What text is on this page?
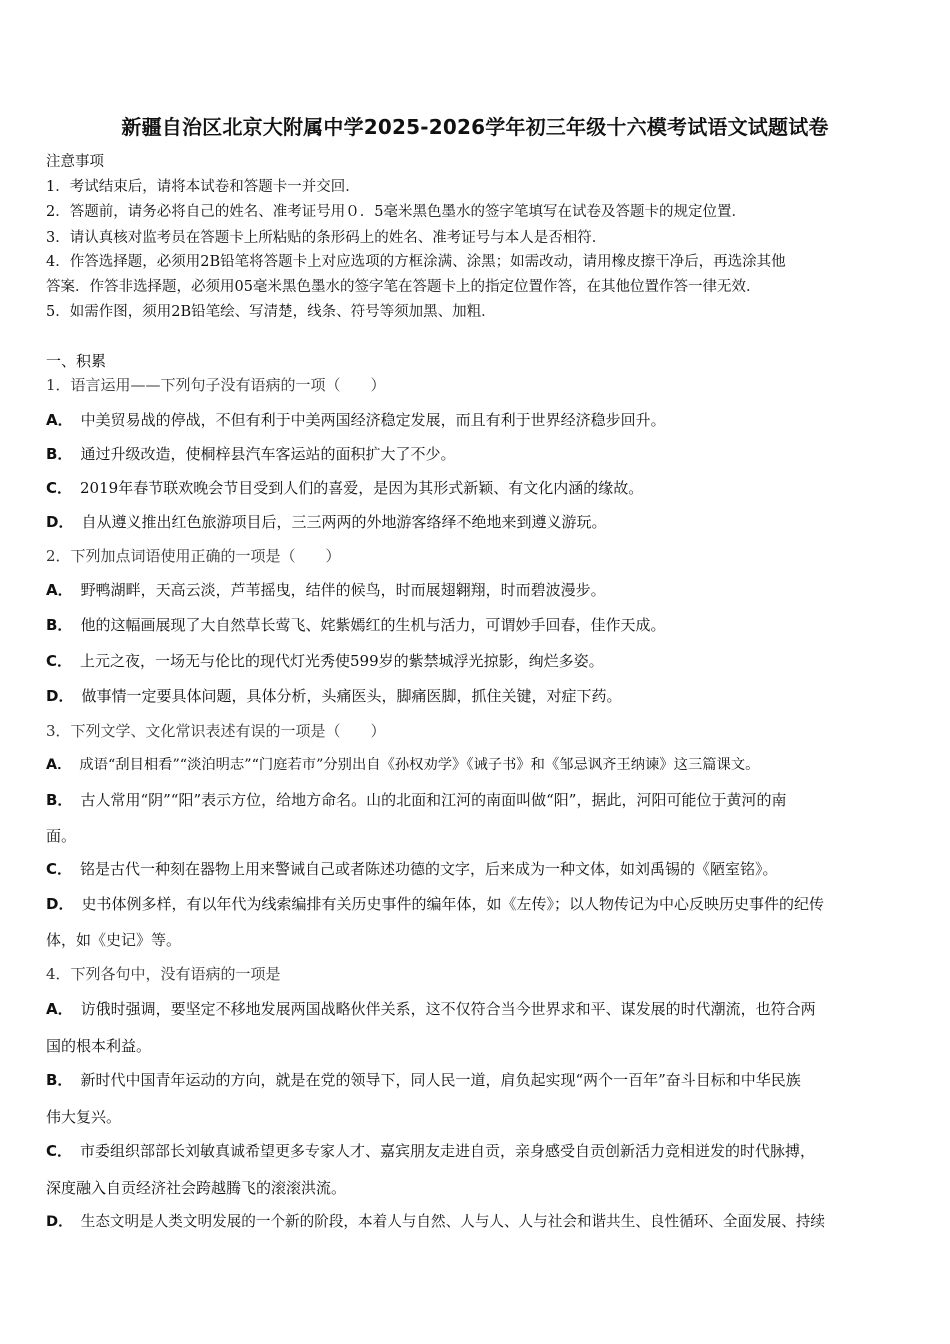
新疆自治区北京大附属中学2025-2026学年初三年级十六模考试语文试题试卷
注意事项
1．考试结束后，请将本试卷和答题卡一并交回．
2．答题前，请务必将自己的姓名、准考证号用０．5毫米黑色墨水的签字笔填写在试卷及答题卡的规定位置．
3．请认真核对监考员在答题卡上所粘贴的条形码上的姓名、准考证号与本人是否相符．
4．作答选择题，必须用2B铅笔将答题卡上对应选项的方框涂满、涂黑；如需改动，请用橡皮擦干净后，再选涂其他
答案．作答非选择题，必须用05毫米黑色墨水的签字笔在答题卡上的指定位置作答，在其他位置作答一律无效．
5．如需作图，须用2B铅笔绘、写清楚，线条、符号等须加黑、加粗．
一、积累
1．语言运用——下列句子没有语病的一项（　　）
A． 中美贸易战的停战，不但有利于中美两国经济稳定发展，而且有利于世界经济稳步回升。
B． 通过升级改造，使桐梓县汽车客运站的面积扩大了不少。
C． 2019年春节联欢晚会节目受到人们的喜爱，是因为其形式新颖、有文化内涵的缘故。
D． 自从遵义推出红色旅游项目后，三三两两的外地游客络绎不绝地来到遵义游玩。
2．下列加点词语使用正确的一项是（　　）
A． 野鸭湖畔，天高云淡，芦苇摇曳，结伴的候鸟，时而展翅翱翔，时而碧波漫步。
B． 他的这幅画展现了大自然草长莺飞、姹紫嫣红的生机与活力，可谓妙手回春，佳作天成。
C． 上元之夜，一场无与伦比的现代灯光秀使599岁的紫禁城浮光掠影，绚烂多姿。
D． 做事情一定要具体问题，具体分析，头痛医头，脚痛医脚，抓住关键，对症下药。
3．下列文学、文化常识表述有误的一项是（　　）
A． 成语“刮目相看”“淡泊明志”“门庭若市”分别出自《孙权劝学》《诫子书》和《邹忌讽齐王纳谏》这三篇课文。
B． 古人常用“阴”“阳”表示方位，给地方命名。山的北面和江河的南面叫做“阳”，据此，河阳可能位于黄河的南
面。
C． 铭是古代一种刻在器物上用来警诫自己或者陈述功德的文字，后来成为一种文体，如刘禹锡的《陋室铭》。
D． 史书体例多样，有以年代为线索编排有关历史事件的编年体，如《左传》；以人物传记为中心反映历史事件的纪传
体，如《史记》等。
4．下列各句中，没有语病的一项是
A． 访俄时强调，要坚定不移地发展两国战略伙伴关系，这不仅符合当今世界求和平、谋发展的时代潮流，也符合两
国的根本利益。
B． 新时代中国青年运动的方向，就是在党的领导下，同人民一道，肩负起实现“两个一百年”奋斗目标和中华民族
伟大复兴。
C． 市委组织部部长刘敏真诚希望更多专家人才、嘉宾朋友走进自贡，亲身感受自贡创新活力竞相迸发的时代脉搏，
深度融入自贡经济社会跨越腾飞的滚滚洪流。
D． 生态文明是人类文明发展的一个新的阶段，本着人与自然、人与人、人与社会和谐共生、良性循环、全面发展、持续
